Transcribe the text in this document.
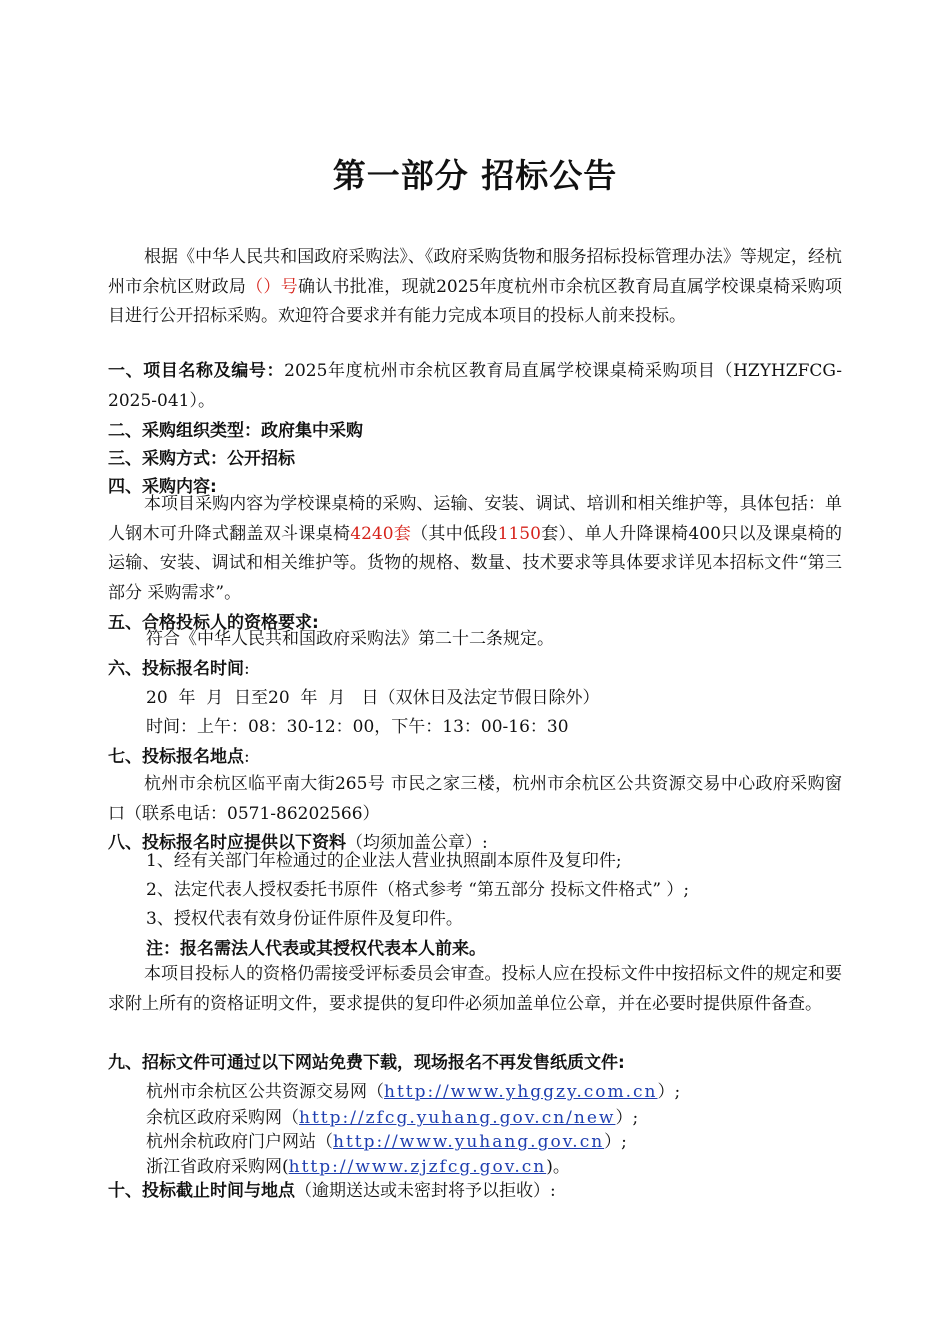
第一部分 招标公告

根据《中华人民共和国政府采购法》、《政府采购货物和服务招标投标管理办法》等规定，经杭州市余杭区财政局（）号确认书批准，现就2025年度杭州市余杭区教育局直属学校课桌椅采购项目进行公开招标采购。欢迎符合要求并有能力完成本项目的投标人前来投标。

一、项目名称及编号：2025年度杭州市余杭区教育局直属学校课桌椅采购项目（HZYHZFCG-2025-041）。

二、采购组织类型：政府集中采购
三、采购方式：公开招标
四、采购内容:

本项目采购内容为学校课桌椅的采购、运输、安装、调试、培训和相关维护等，具体包括：单人钢木可升降式翻盖双斗课桌椅4240套（其中低段1150套）、单人升降课椅400只以及课桌椅的运输、安装、调试和相关维护等。货物的规格、数量、技术要求等具体要求详见本招标文件“第三部分 采购需求”。

五、合格投标人的资格要求:
符合《中华人民共和国政府采购法》第二十二条规定。
六、投标报名时间:
20  年  月  日至20  年  月   日（双休日及法定节假日除外）
时间：上午：08：30-12：00，下午：13：00-16：30
七、投标报名地点:

杭州市余杭区临平南大街265号 市民之家三楼，杭州市余杭区公共资源交易中心政府采购窗口（联系电话：0571-86202566）

八、投标报名时应提供以下资料（均须加盖公章）:
1、经有关部门年检通过的企业法人营业执照副本原件及复印件;
2、法定代表人授权委托书原件（格式参考 “第五部分 投标文件格式” ）;
3、授权代表有效身份证件原件及复印件。
注：报名需法人代表或其授权代表本人前来。

本项目投标人的资格仍需接受评标委员会审查。投标人应在投标文件中按招标文件的规定和要求附上所有的资格证明文件，要求提供的复印件必须加盖单位公章，并在必要时提供原件备查。

九、招标文件可通过以下网站免费下载，现场报名不再发售纸质文件:
杭州市余杭区公共资源交易网（http://www.yhggzy.com.cn）;
余杭区政府采购网（http://zfcg.yuhang.gov.cn/new）;
杭州余杭政府门户网站（http://www.yuhang.gov.cn）;
浙江省政府采购网(http://www.zjzfcg.gov.cn)。
十、投标截止时间与地点（逾期送达或未密封将予以拒收）:
